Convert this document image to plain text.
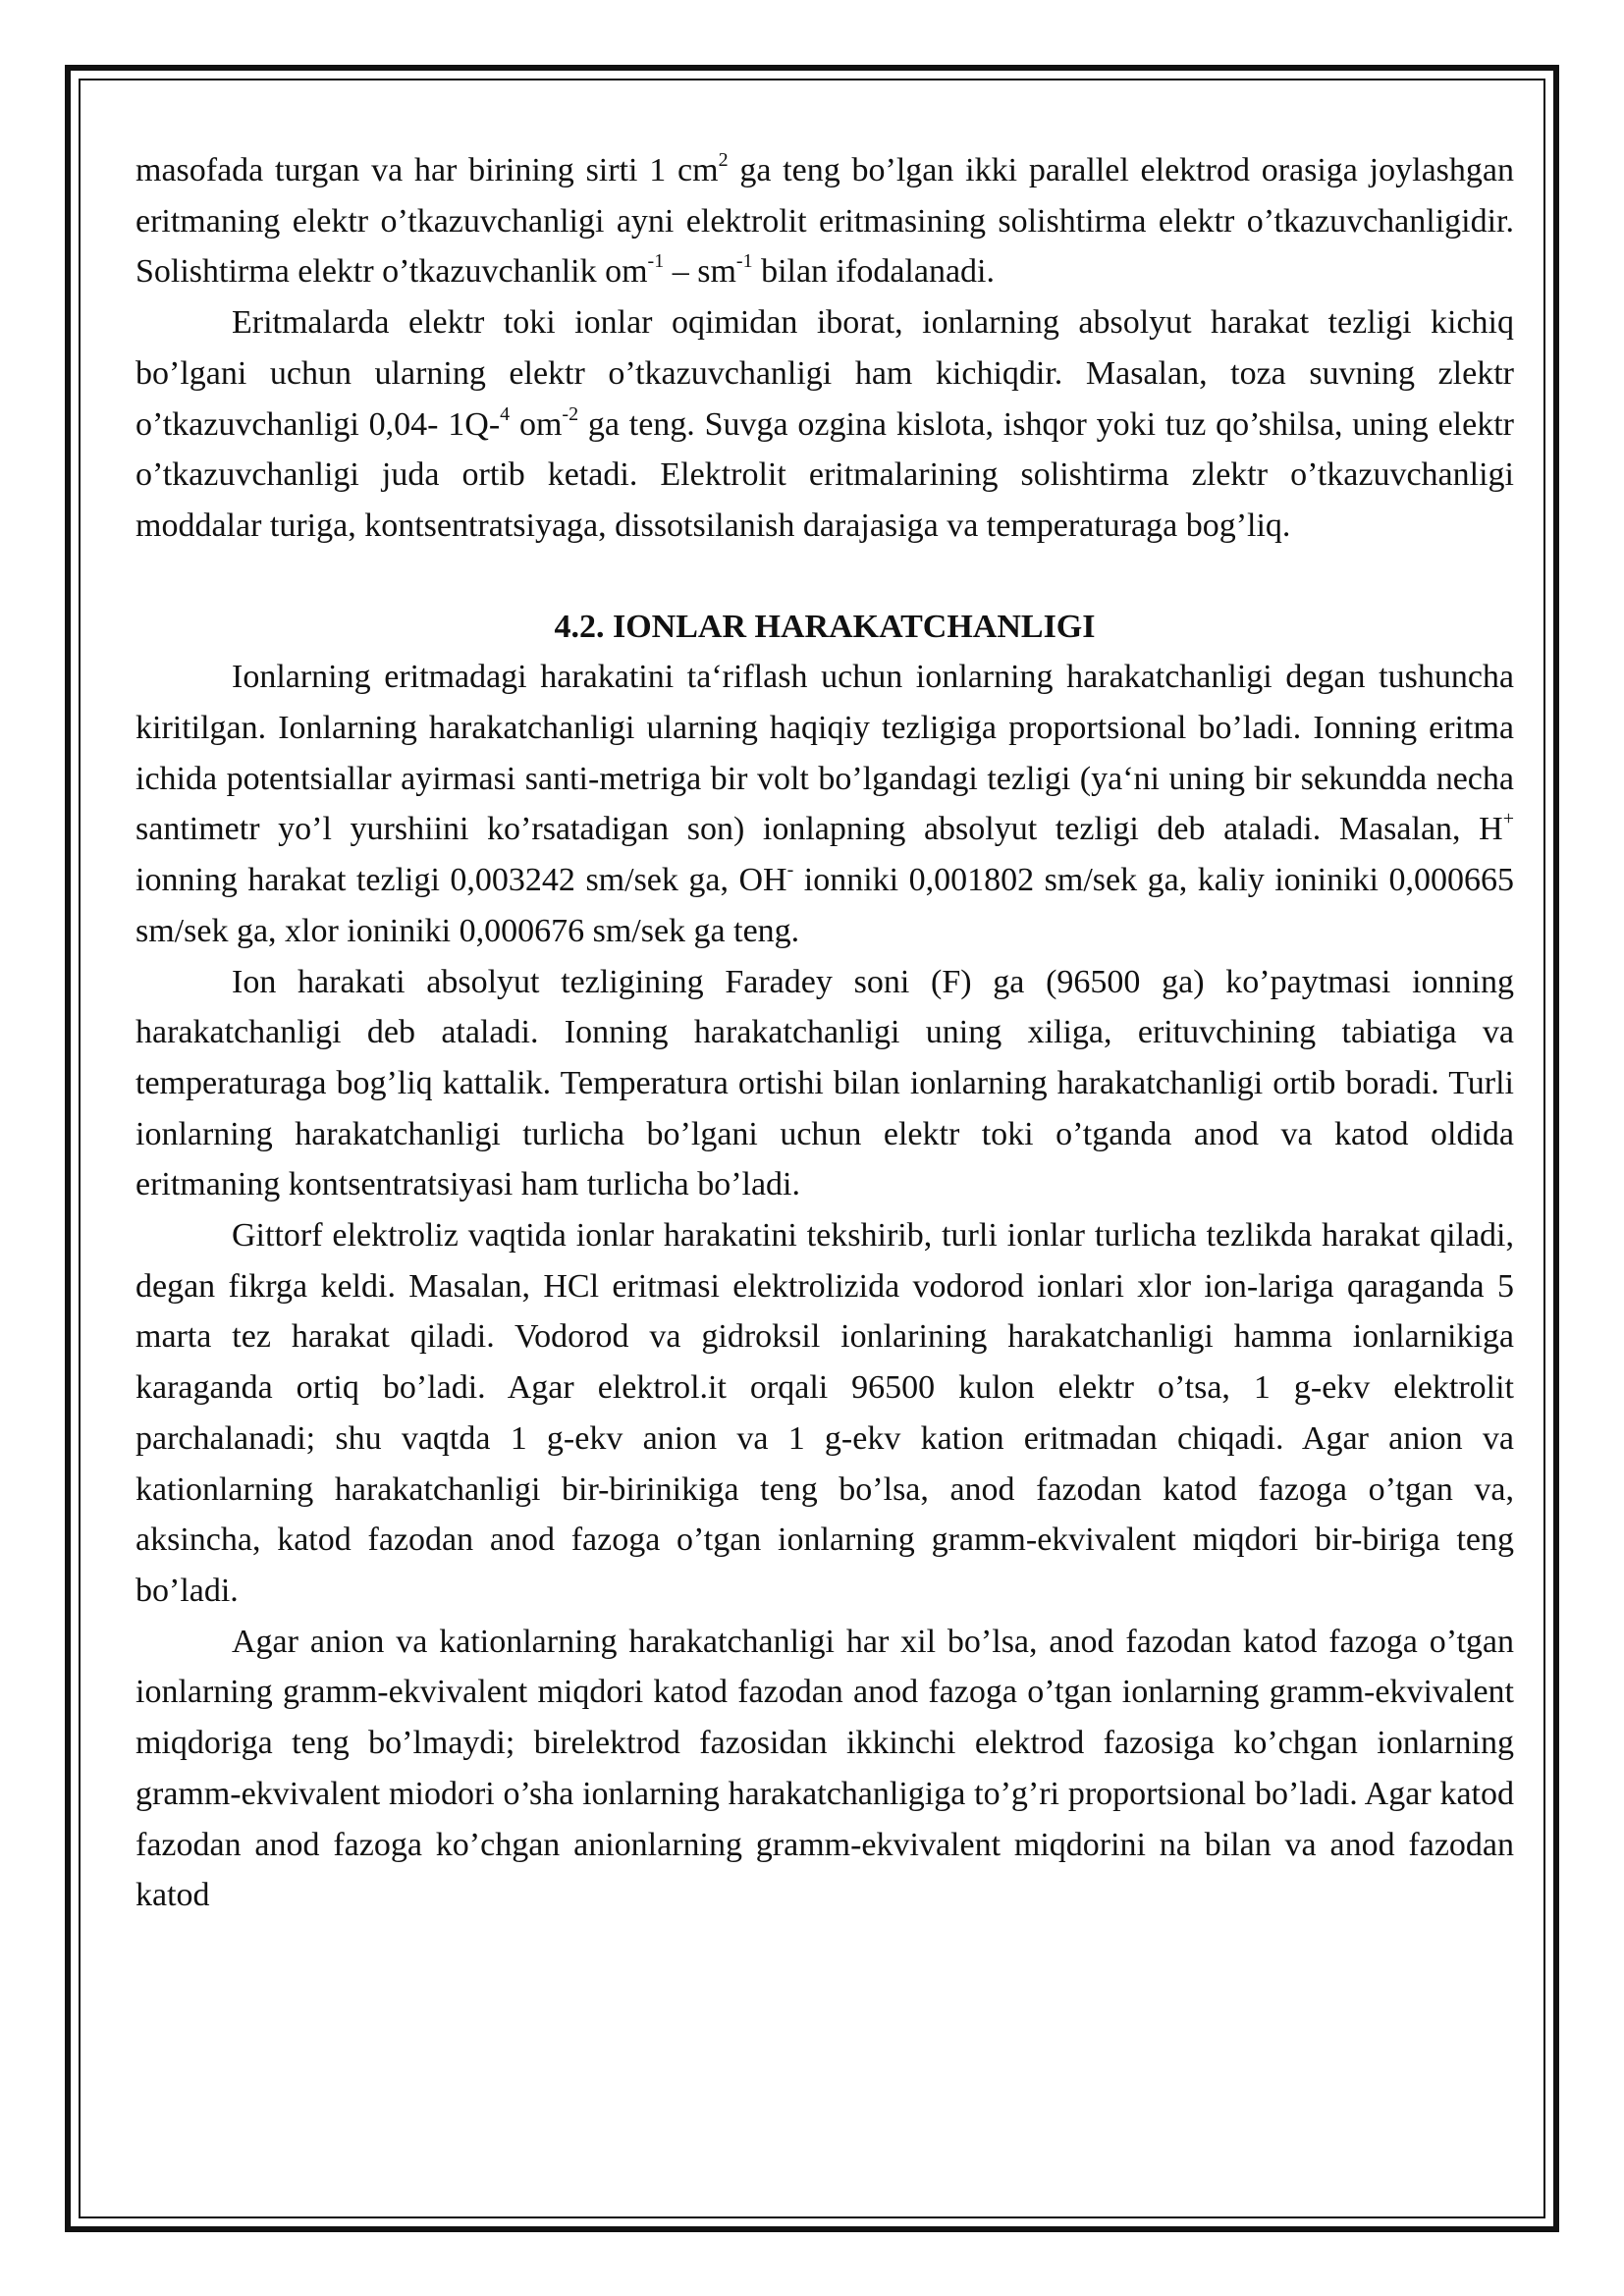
masofada turgan va har birining sirti 1 $cm^2$ ga teng bo’lgan ikki parallel elektrod orasiga joylashgan eritmaning elektr o’tkazuvchanligi ayni elektrolit eritmasining solishtirma elektr o’tkazuvchanligidir. Solishtirma elektr o’tkazuvchanlik $om^{-1} - sm^{-1}$ bilan ifodalanadi.

Eritmalarda elektr toki ionlar oqimidan iborat, ionlarning absolyut harakat tezligi kichiq bo’lgani uchun ularning elektr o’tkazuvchanligi ham kichiqdir. Masalan, toza suvning zlektr o’tkazuvchanligi 0,04- 1Q-$^4$ $om^{-2}$ ga teng. Suvga ozgina kislota, ishqor yoki tuz qo’shilsa, uning elektr o’tkazuvchanligi juda ortib ketadi. Elektrolit eritmalarining solishtirma zlektr o’tkazuvchanligi moddalar turiga, kontsentratsiyaga, dissotsilanish darajasiga va temperaturaga bog’liq.

4.2. IONLAR HARAKATCHANLIGI

Ionlarning eritmadagi harakatini ta‘riflash uchun ionlarning harakatchanligi degan tushuncha kiritilgan. Ionlarning harakatchanligi ularning haqiqiy tezligiga proportsional bo’ladi. Ionning eritma ichida potentsiallar ayirmasi santi-metriga bir volt bo’lgandagi tezligi (ya‘ni uning bir sekundda necha santimetr yo’l yurshiini ko’rsatadigan son) ionlapning absolyut tezligi deb ataladi. Masalan, H+ ionning harakat tezligi 0,003242 sm/sek ga, OH- ionniki 0,001802 sm/sek ga, kaliy ioniniki 0,000665 sm/sek ga, xlor ioniniki 0,000676 sm/sek ga teng.

Ion harakati absolyut tezligining Faradey soni (F) ga (96500 ga) ko’paytmasi ionning harakatchanligi deb ataladi. Ionning harakatchanligi uning xiliga, erituvchining tabiatiga va temperaturaga bog’liq kattalik. Temperatura ortishi bilan ionlarning harakatchanligi ortib boradi. Turli ionlarning harakatchanligi turlicha bo’lgani uchun elektr toki o’tganda anod va katod oldida eritmaning kontsentratsiyasi ham turlicha bo’ladi.

Gittorf elektroliz vaqtida ionlar harakatini tekshirib, turli ionlar turlicha tezlikda harakat qiladi, degan fikrga keldi. Masalan, HCl eritmasi elektrolizida vodorod ionlari xlor ion-lariga qaraganda 5 marta tez harakat qiladi. Vodorod va gidroksil ionlarining harakatchanligi hamma ionlarnikiga karaganda ortiq bo’ladi. Agar elektrol.it orqali 96500 kulon elektr o’tsa, 1 g-ekv elektrolit parchalanadi; shu vaqtda 1 g-ekv anion va 1 g-ekv kation eritmadan chiqadi. Agar anion va kationlarning harakatchanligi bir-birinikiga teng bo’lsa, anod fazodan katod fazoga o’tgan va, aksincha, katod fazodan anod fazoga o’tgan ionlarning gramm-ekvivalent miqdori bir-biriga teng bo’ladi.

Agar anion va kationlarning harakatchanligi har xil bo’lsa, anod fazodan katod fazoga o’tgan ionlarning gramm-ekvivalent miqdori katod fazodan anod fazoga o’tgan ionlarning gramm-ekvivalent miqdoriga teng bo’lmaydi; birelektrod fazosidan ikkinchi elektrod fazosiga ko’chgan ionlarning gramm-ekvivalent miodori o’sha ionlarning harakatchanligiga to’g’ri proportsional bo’ladi. Agar katod fazodan anod fazoga ko’chgan anionlarning gramm-ekvivalent miqdorini na bilan va anod fazodan katod
